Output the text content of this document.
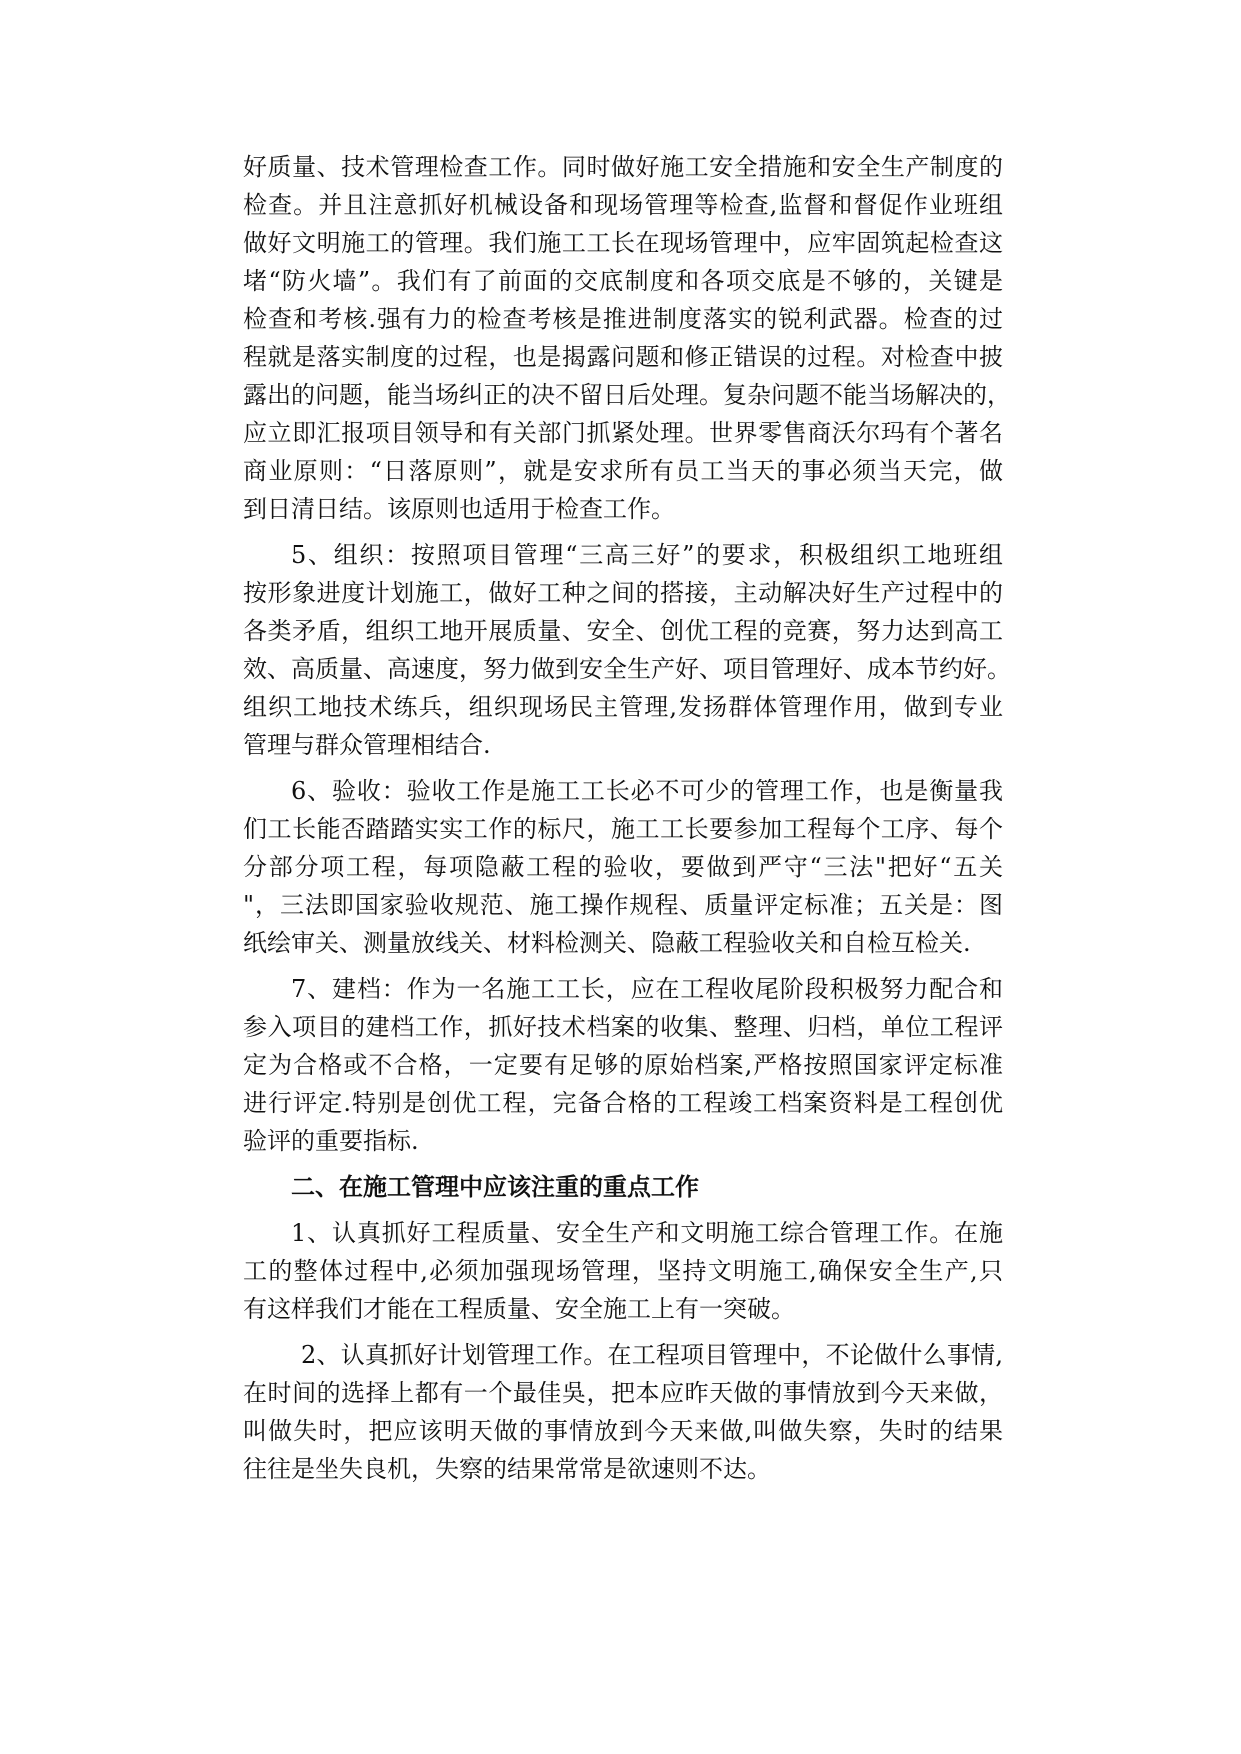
好质量、技术管理检查工作。同时做好施工安全措施和安全生产制度的
检查。并且注意抓好机械设备和现场管理等检查,监督和督促作业班组
做好文明施工的管理。我们施工工长在现场管理中，应牢固筑起检查这
堵“防火墙”。我们有了前面的交底制度和各项交底是不够的，关键是
检查和考核.强有力的检查考核是推进制度落实的锐利武器。检查的过
程就是落实制度的过程，也是揭露问题和修正错误的过程。对检查中披
露出的问题，能当场纠正的决不留日后处理。复杂问题不能当场解决的，
应立即汇报项目领导和有关部门抓紧处理。世界零售商沃尔玛有个著名
商业原则：“日落原则”，就是安求所有员工当天的事必须当天完，做
到日清日结。该原则也适用于检查工作。
5、组织：按照项目管理“三高三好”的要求，积极组织工地班组
按形象进度计划施工，做好工种之间的搭接，主动解决好生产过程中的
各类矛盾，组织工地开展质量、安全、创优工程的竞赛，努力达到高工
效、高质量、高速度，努力做到安全生产好、项目管理好、成本节约好。
组织工地技术练兵，组织现场民主管理,发扬群体管理作用，做到专业
管理与群众管理相结合.
6、验收：验收工作是施工工长必不可少的管理工作，也是衡量我
们工长能否踏踏实实工作的标尺，施工工长要参加工程每个工序、每个
分部分项工程，每项隐蔽工程的验收，要做到严守“三法"把好“五关
"，三法即国家验收规范、施工操作规程、质量评定标准；五关是：图
纸绘审关、测量放线关、材料检测关、隐蔽工程验收关和自检互检关.
7、建档：作为一名施工工长，应在工程收尾阶段积极努力配合和
参入项目的建档工作，抓好技术档案的收集、整理、归档，单位工程评
定为合格或不合格，一定要有足够的原始档案,严格按照国家评定标准
进行评定.特别是创优工程，完备合格的工程竣工档案资料是工程创优
验评的重要指标.
二、在施工管理中应该注重的重点工作
1、认真抓好工程质量、安全生产和文明施工综合管理工作。在施
工的整体过程中,必须加强现场管理，坚持文明施工,确保安全生产,只
有这样我们才能在工程质量、安全施工上有一突破。
2、认真抓好计划管理工作。在工程项目管理中，不论做什么事情,
在时间的选择上都有一个最佳吳，把本应昨天做的事情放到今天来做，
叫做失时，把应该明天做的事情放到今天来做,叫做失察，失时的结果
往往是坐失良机，失察的结果常常是欲速则不达。
